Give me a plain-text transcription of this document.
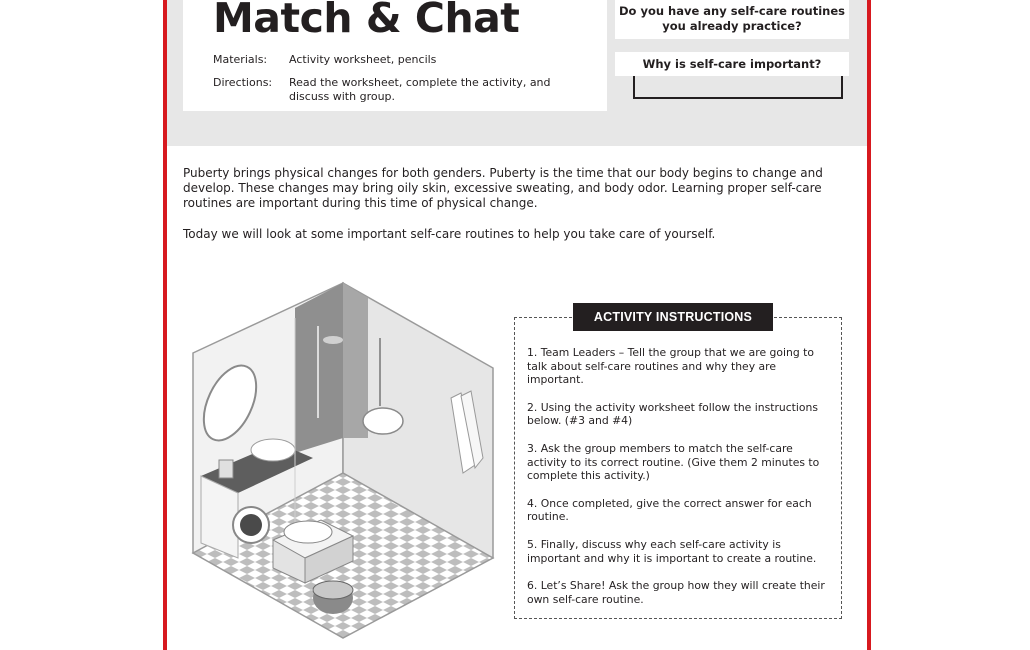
Match & Chat
Materials:	Activity worksheet, pencils
Directions:	Read the worksheet, complete the activity, and discuss with group.
Do you have any self-care routines you already practice?
Why is self-care important?

Puberty brings physical changes for both genders. Puberty is the time that our body begins to change and develop. These changes may bring oily skin, excessive sweating, and body odor. Learning proper self-care routines are important during this time of physical change.

Today we will look at some important self-care routines to help you take care of yourself.

1. Team Leaders – Tell the group that we are going to talk about self-care routines and why they are important.
2. Using the activity worksheet follow the instructions below. (#3 and #4)
3. Ask the group members to match the self-care activity to its correct routine. (Give them 2 minutes to complete this activity.)
4. Once completed, give the correct answer for each routine.
5. Finally, discuss why each self-care activity is important and why it is important to create a routine.
6. Let’s Share! Ask the group how they will create their own self-care routine.
ACTIVITY INSTRUCTIONS
